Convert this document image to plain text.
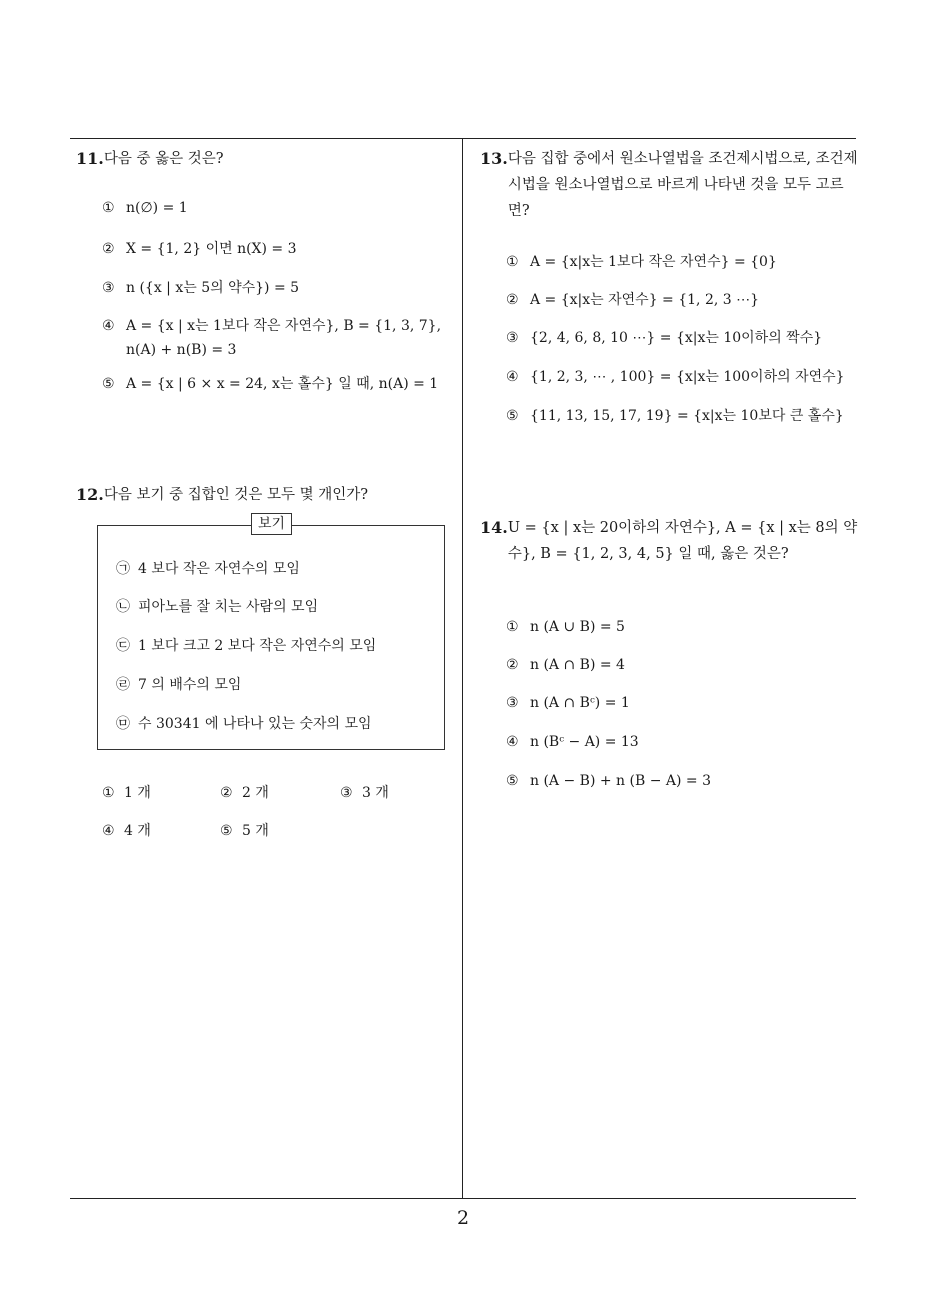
11. 다음 중 옳은 것은?
① n(∅) = 1
② X = {1, 2} 이면 n(X) = 3
③ n ({x | x는 5의 약수}) = 5
④ A = {x | x는 1보다 작은 자연수}, B = {1, 3, 7}, n(A) + n(B) = 3
⑤ A = {x | 6 × x = 24, x는 홀수} 일 때, n(A) = 1
12. 다음 보기 중 집합인 것은 모두 몇 개인가?
보기
㉠ 4 보다 작은 자연수의 모임
㉡ 피아노를 잘 치는 사람의 모임
㉢ 1 보다 크고 2 보다 작은 자연수의 모임
㉣ 7 의 배수의 모임
㉤ 수 30341 에 나타나 있는 숫자의 모임
① 1 개	② 2 개	③ 3 개
④ 4 개	⑤ 5 개
13. 다음 집합 중에서 원소나열법을 조건제시법으로, 조건제시법을 원소나열법으로 바르게 나타낸 것을 모두 고르면?
① A = {x|x는 1보다 작은 자연수} = {0}
② A = {x|x는 자연수} = {1, 2, 3 ⋯}
③ {2, 4, 6, 8, 10 ⋯} = {x|x는 10이하의 짝수}
④ {1, 2, 3, ⋯ , 100} = {x|x는 100이하의 자연수}
⑤ {11, 13, 15, 17, 19} = {x|x는 10보다 큰 홀수}
14. U = {x | x는 20이하의 자연수}, A = {x | x는 8의 약수}, B = {1, 2, 3, 4, 5} 일 때, 옳은 것은?
① n (A ∪ B) = 5
② n (A ∩ B) = 4
③ n (A ∩ Bᶜ) = 1
④ n (Bᶜ − A) = 13
⑤ n (A − B) + n (B − A) = 3
2
